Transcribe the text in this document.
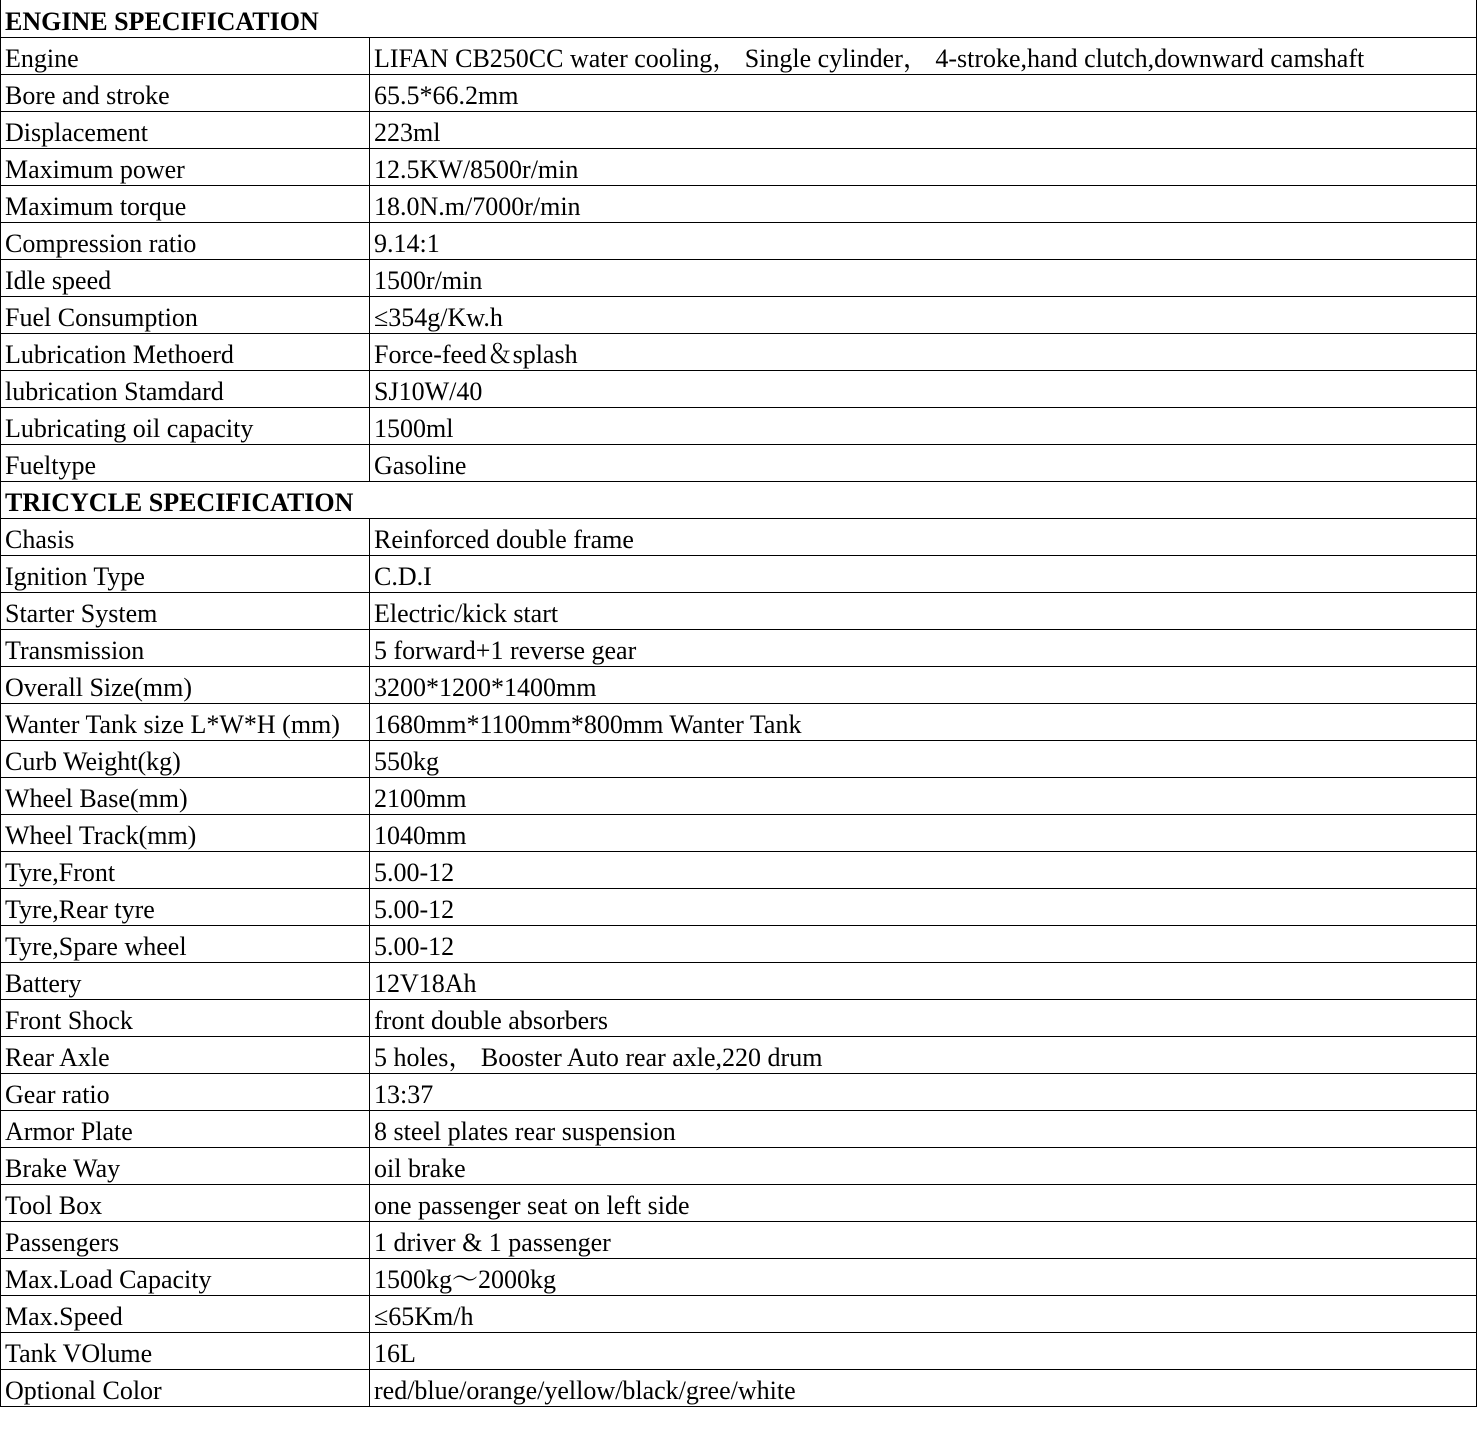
ENGINE SPECIFICATION	
Engine	LIFAN CB250CC water cooling， Single cylinder， 4-stroke,hand clutch,downward camshaft
Bore and stroke	65.5*66.2mm
Displacement	223ml
Maximum power	12.5KW/8500r/min
Maximum torque	18.0N.m/7000r/min
Compression ratio	9.14:1
Idle speed	1500r/min
Fuel Consumption	≤354g/Kw.h
Lubrication Methoerd	Force-feed＆splash
lubrication Stamdard	SJ10W/40
Lubricating oil capacity	1500ml
Fueltype	Gasoline
TRICYCLE SPECIFICATION	
Chasis	Reinforced double frame
Ignition Type	C.D.I
Starter System	Electric/kick start
Transmission	5 forward+1 reverse gear
Overall Size(mm)	3200*1200*1400mm
Wanter Tank size L*W*H (mm)	1680mm*1100mm*800mm Wanter Tank
Curb Weight(kg)	550kg
Wheel Base(mm)	2100mm
Wheel Track(mm)	1040mm
Tyre,Front	5.00-12
Tyre,Rear tyre	5.00-12
Tyre,Spare wheel	5.00-12
Battery	12V18Ah
Front Shock	front double absorbers
Rear Axle	5 holes， Booster Auto rear axle,220 drum
Gear ratio	13:37
Armor Plate	8 steel plates rear suspension
Brake Way	oil brake
Tool Box	one passenger seat on left side
Passengers	1 driver & 1 passenger
Max.Load Capacity	1500kg～2000kg
Max.Speed	≤65Km/h
Tank VOlume	16L
Optional Color	red/blue/orange/yellow/black/gree/white
